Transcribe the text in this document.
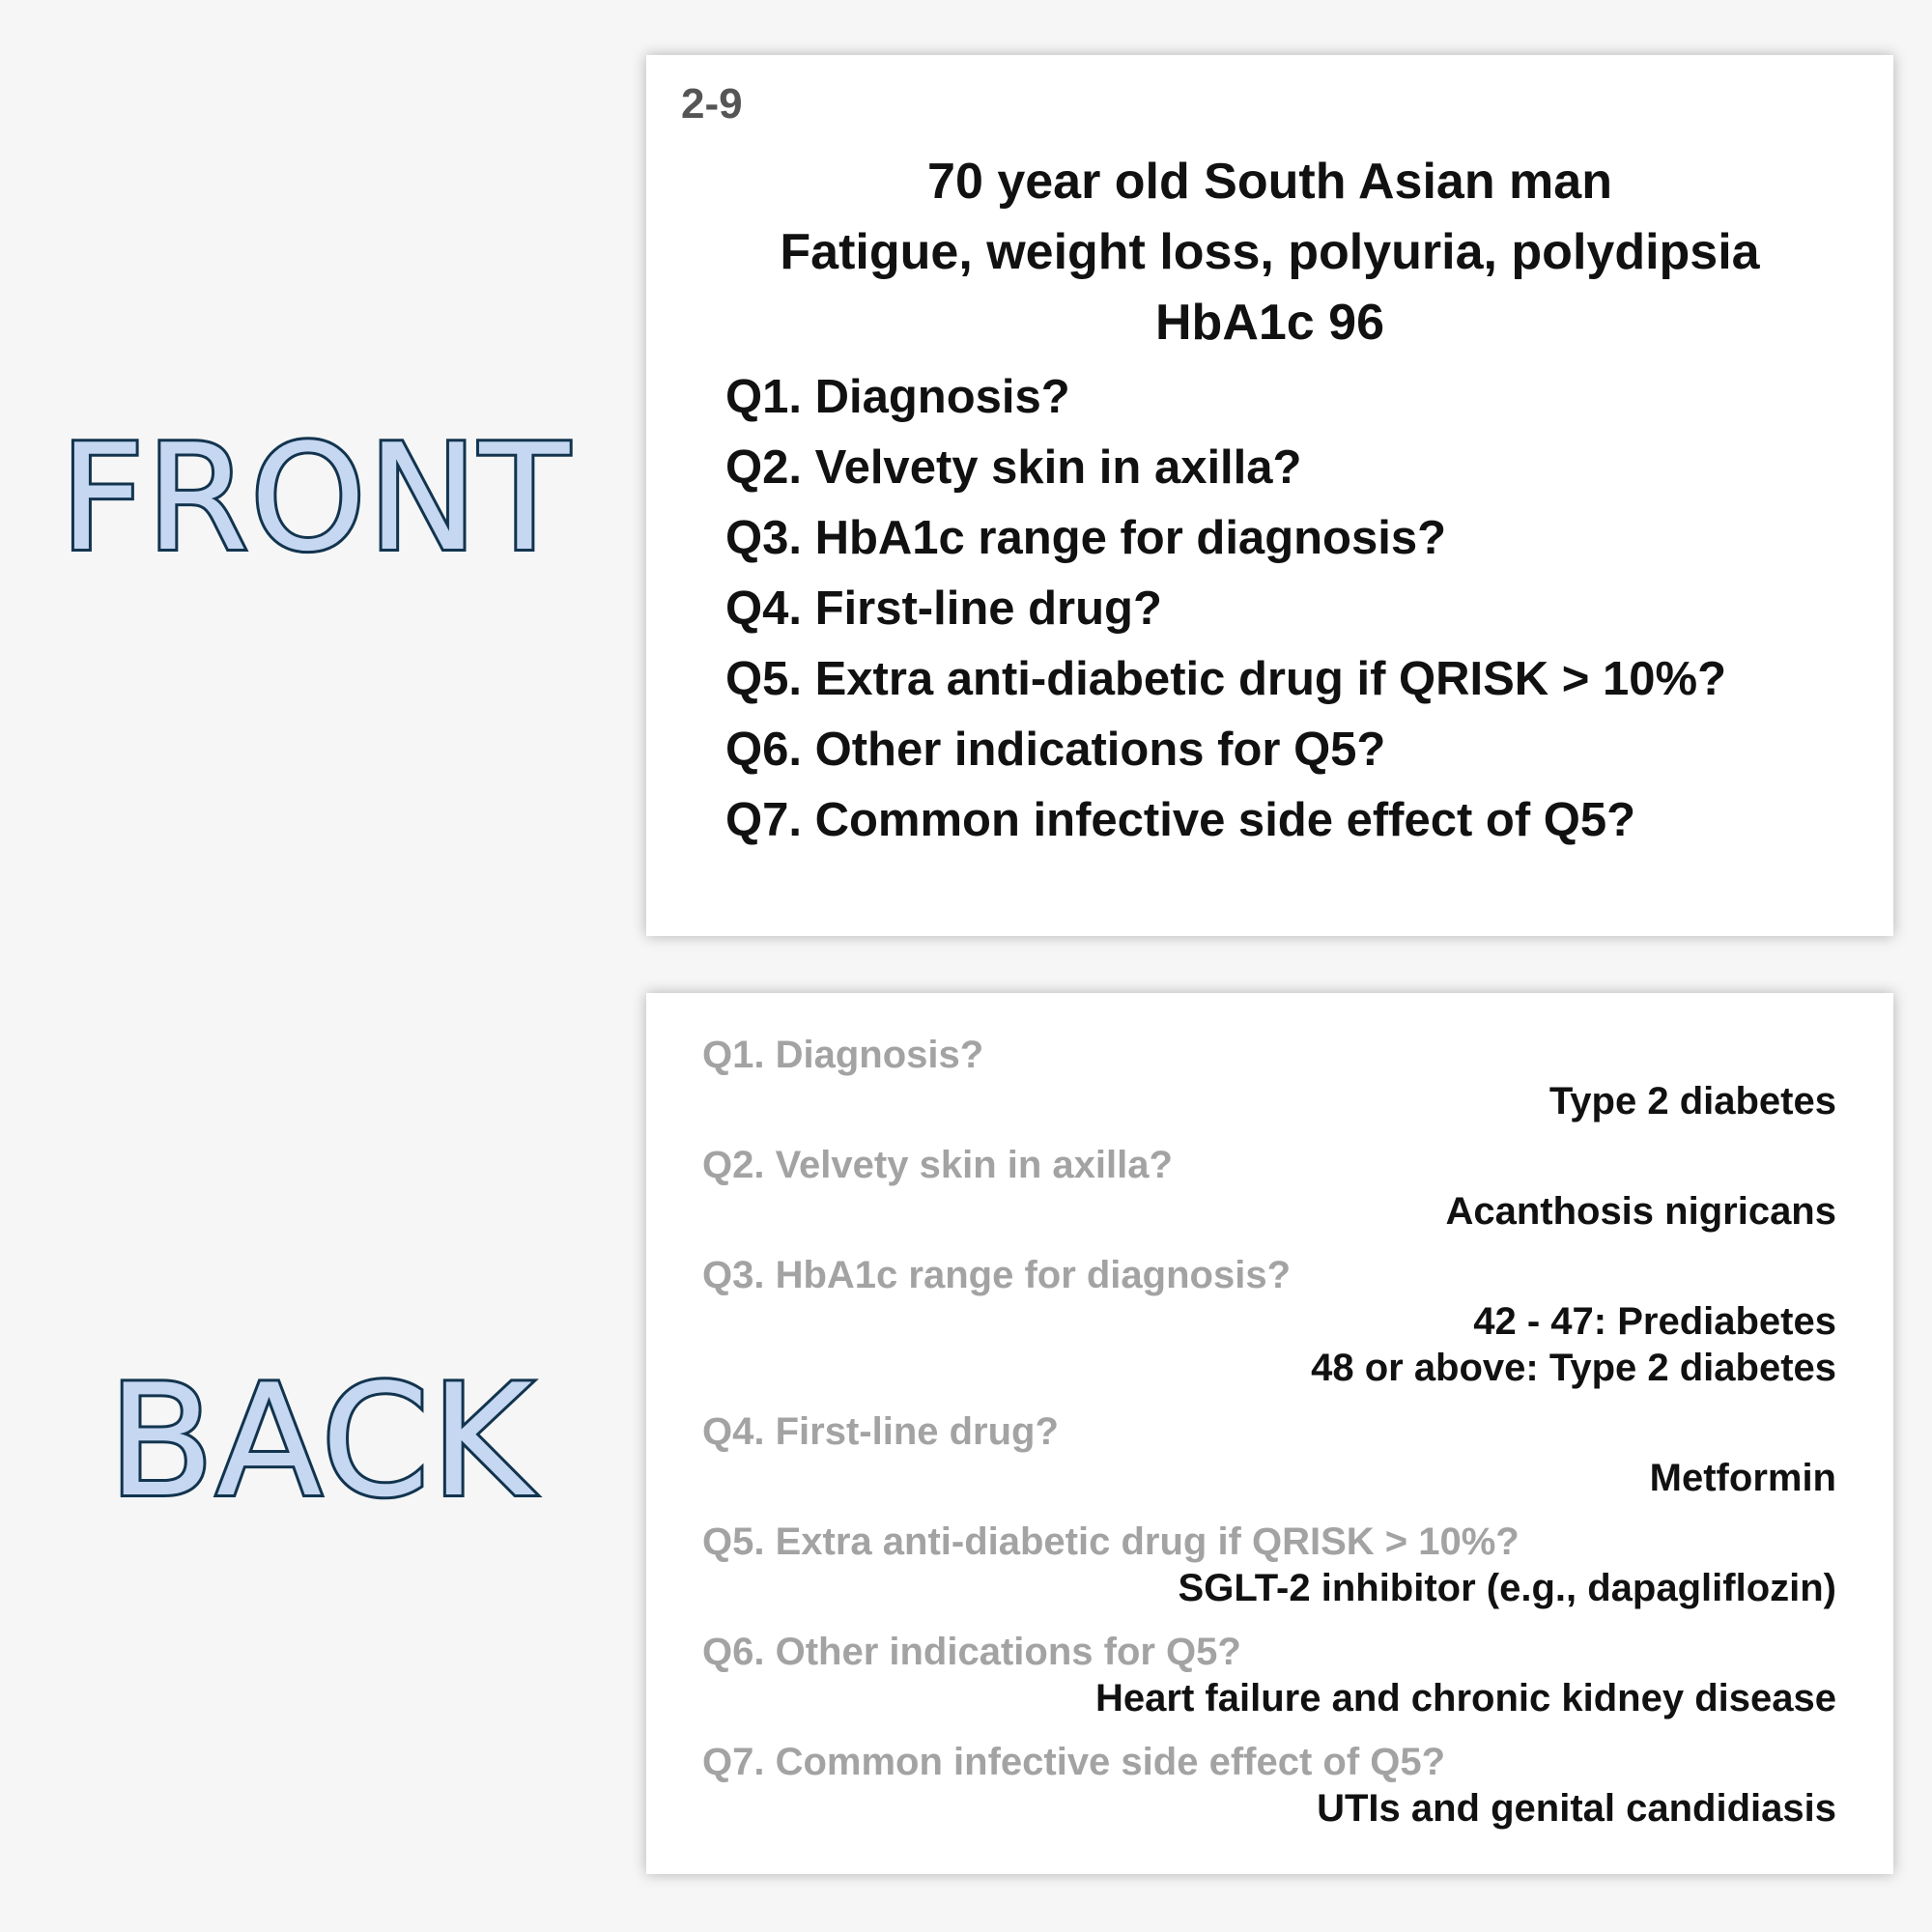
FRONT
BACK
2-9
70 year old South Asian man
Fatigue, weight loss, polyuria, polydipsia
HbA1c 96
Q1. Diagnosis?
Q2. Velvety skin in axilla?
Q3. HbA1c range for diagnosis?
Q4. First-line drug?
Q5. Extra anti-diabetic drug if QRISK > 10%?
Q6. Other indications for Q5?
Q7. Common infective side effect of Q5?
Q1. Diagnosis?
Type 2 diabetes
Q2. Velvety skin in axilla?
Acanthosis nigricans
Q3. HbA1c range for diagnosis?
42 - 47: Prediabetes
48 or above: Type 2 diabetes
Q4. First-line drug?
Metformin
Q5. Extra anti-diabetic drug if QRISK > 10%?
SGLT-2 inhibitor (e.g., dapagliflozin)
Q6. Other indications for Q5?
Heart failure and chronic kidney disease
Q7. Common infective side effect of Q5?
UTIs and genital candidiasis
